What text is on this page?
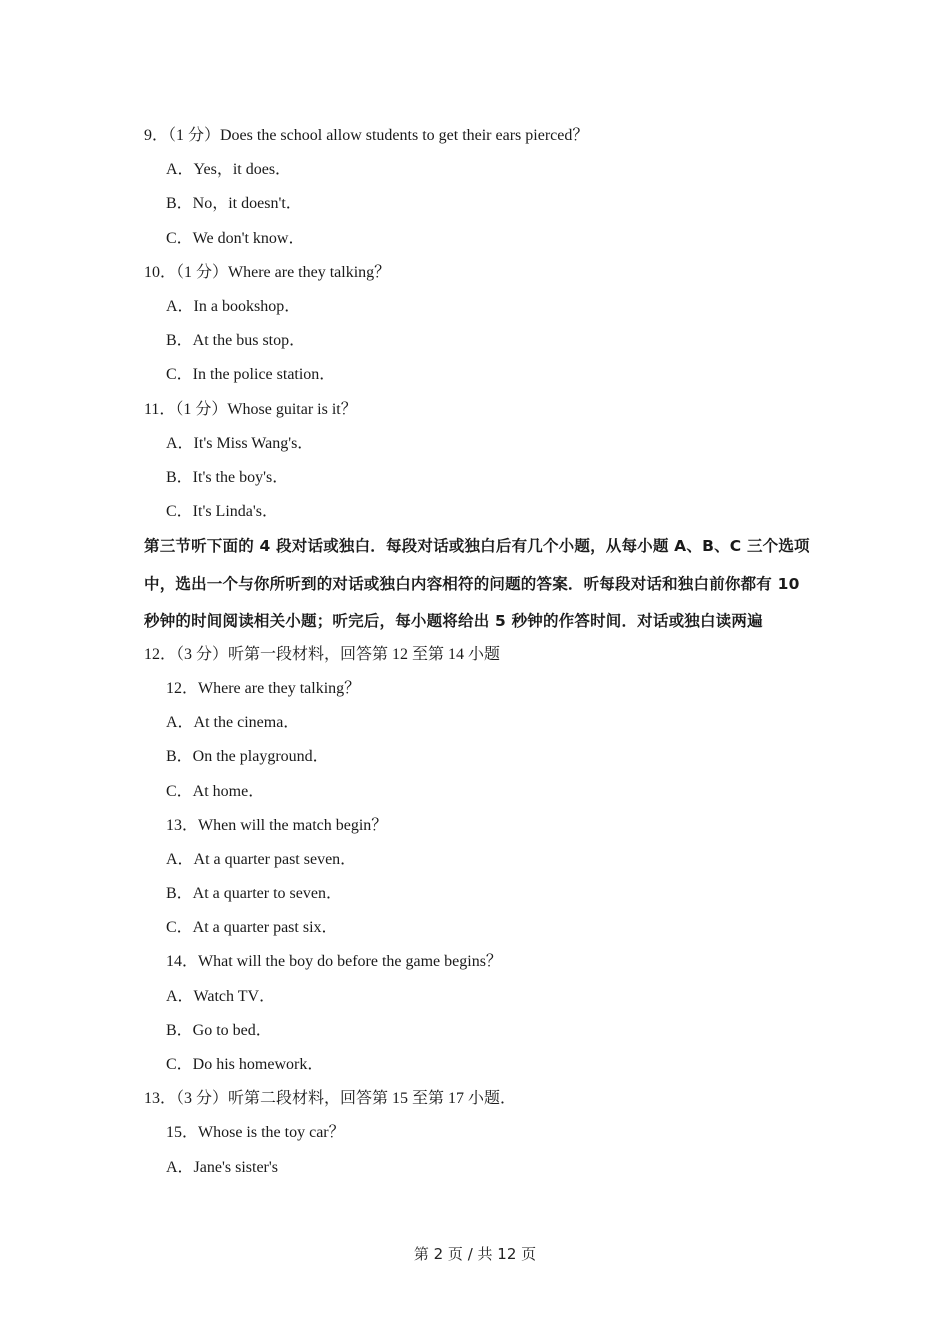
9．（1 分）Does the school allow students to get their ears pierced？
A．Yes，it does．
B．No，it doesn't．
C．We don't know．
10．（1 分）Where are they talking？
A．In a bookshop．
B．At the bus stop．
C．In the police station．
11．（1 分）Whose guitar is it？
A．It's Miss Wang's．
B．It's the boy's．
C．It's Linda's．
第三节听下面的 4 段对话或独白．每段对话或独白后有几个小题，从每小题 A、B、C 三个选项中，选出一个与你所听到的对话或独白内容相符的问题的答案．听每段对话和独白前你都有 10 秒钟的时间阅读相关小题；听完后，每小题将给出 5 秒钟的作答时间．对话或独白读两遍
12．（3 分）听第一段材料，回答第 12 至第 14 小题
12．Where are they talking？
A．At the cinema．
B．On the playground．
C．At home．
13．When will the match begin？
A．At a quarter past seven．
B．At a quarter to seven．
C．At a quarter past six．
14．What will the boy do before the game begins？
A．Watch TV．
B．Go to bed．
C．Do his homework．
13．（3 分）听第二段材料，回答第 15 至第 17 小题．
15．Whose is the toy car？
A．Jane's sister's
第 2 页 / 共 12 页
